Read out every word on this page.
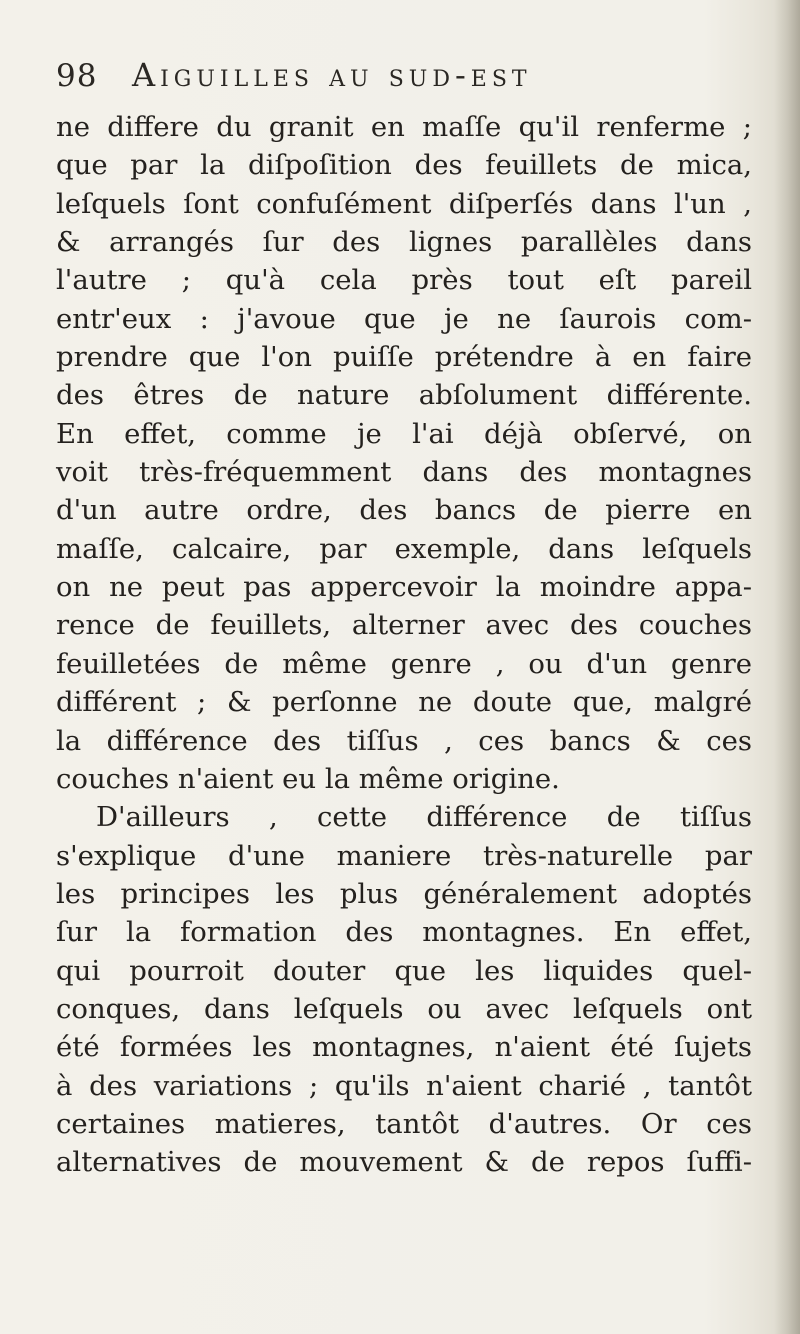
98 Aiguilles au sud-est
ne differe du granit en maſſe qu'il renferme ;
que par la diſpoſition des feuillets de mica,
leſquels ſont confuſément diſperſés dans l'un ,
& arrangés ſur des lignes parallèles dans
l'autre ; qu'à cela près tout eſt pareil
entr'eux : j'avoue que je ne ſaurois com-
prendre que l'on puiſſe prétendre à en faire
des êtres de nature abſolument différente.
En effet, comme je l'ai déjà obſervé, on
voit très-fréquemment dans des montagnes
d'un autre ordre, des bancs de pierre en
maſſe, calcaire, par exemple, dans leſquels
on ne peut pas appercevoir la moindre appa-
rence de feuillets, alterner avec des couches
feuilletées de même genre , ou d'un genre
différent ; & perſonne ne doute que, malgré
la différence des tiſſus , ces bancs & ces
couches n'aient eu la même origine.
D'ailleurs , cette différence de tiſſus
s'explique d'une maniere très-naturelle par
les principes les plus généralement adoptés
ſur la formation des montagnes. En effet,
qui pourroit douter que les liquides quel-
conques, dans leſquels ou avec leſquels ont
été formées les montagnes, n'aient été ſujets
à des variations ; qu'ils n'aient charié , tantôt
certaines matieres, tantôt d'autres. Or ces
alternatives de mouvement & de repos ſuffi-
